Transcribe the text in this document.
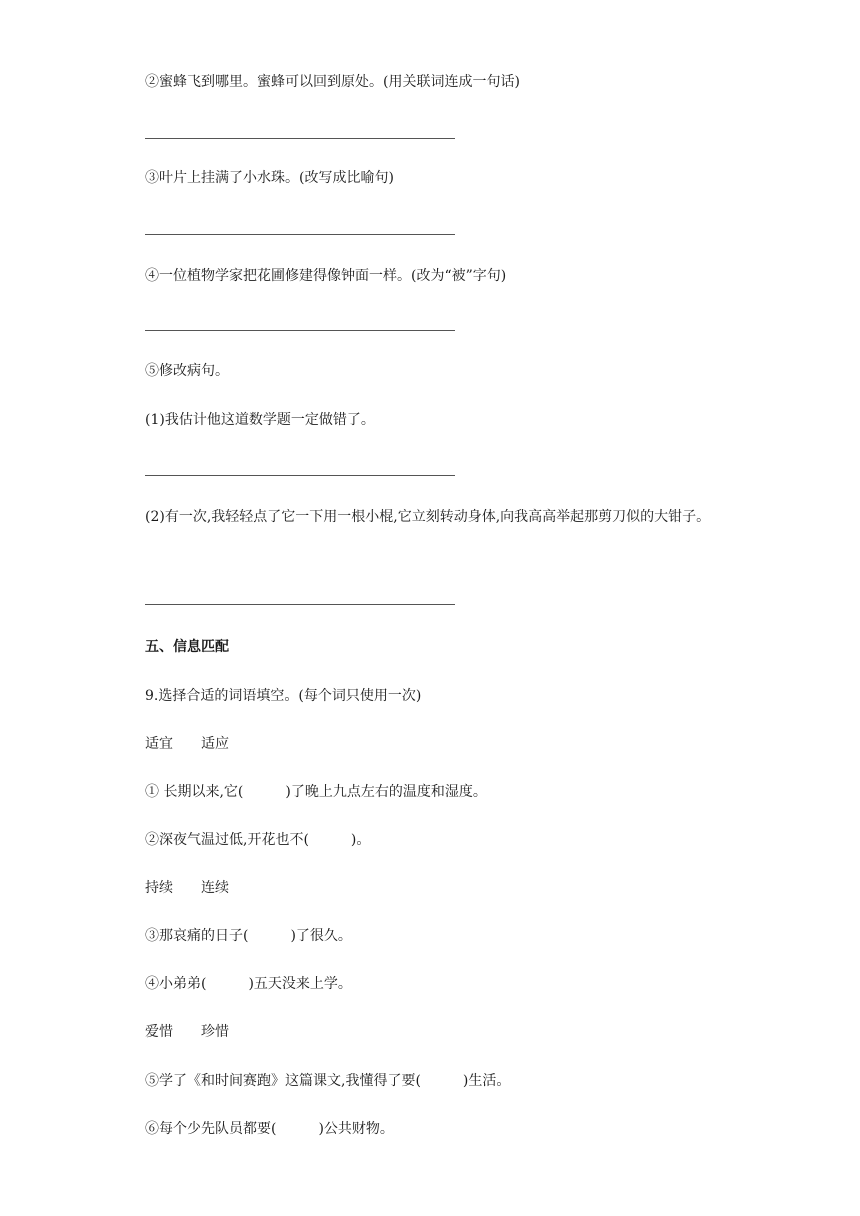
②蜜蜂飞到哪里。蜜蜂可以回到原处。(用关联词连成一句话)

③叶片上挂满了小水珠。(改写成比喻句)

④一位植物学家把花圃修建得像钟面一样。(改为“被”字句)

⑤修改病句。

(1)我估计他这道数学题一定做错了。

(2)有一次,我轻轻点了它一下用一根小棍,它立刻转动身体,向我高高举起那剪刀似的大钳子。

五、信息匹配

9.选择合适的词语填空。(每个词只使用一次)

适宜　　适应

① 长期以来,它(　　　)了晚上九点左右的温度和湿度。

②深夜气温过低,开花也不(　　　)。

持续　　连续

③那哀痛的日子(　　　)了很久。

④小弟弟(　　　)五天没来上学。

爱惜　　珍惜

⑤学了《和时间赛跑》这篇课文,我懂得了要(　　　)生活。

⑥每个少先队员都要(　　　)公共财物。
